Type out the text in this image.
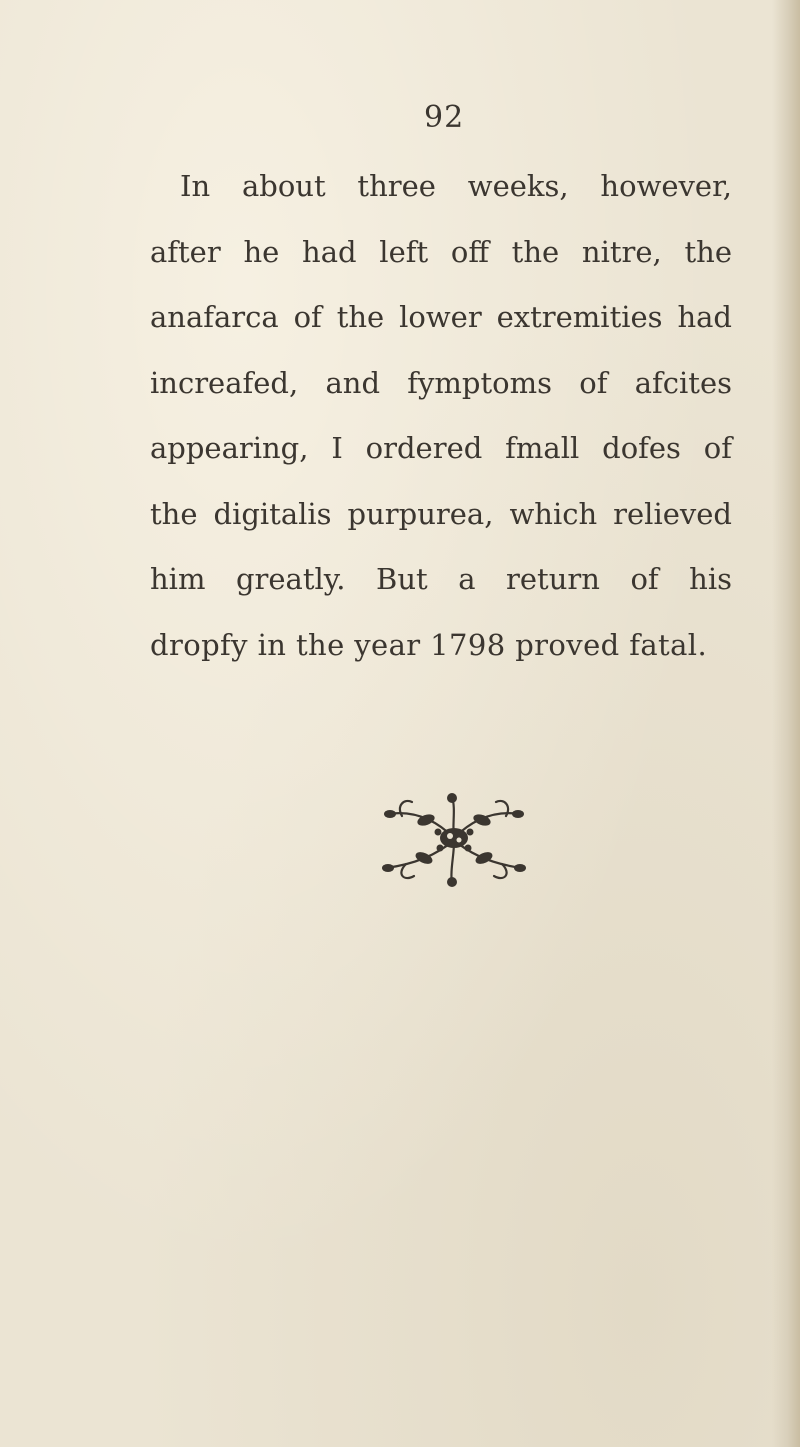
92
In about three weeks, however,
after he had left off the nitre, the
anafarca of the lower extremities had
increafed, and fymptoms of afcites
appearing, I ordered fmall dofes of
the digitalis purpurea, which relieved
him greatly. But a return of his
dropfy in the year 1798 proved fatal.
